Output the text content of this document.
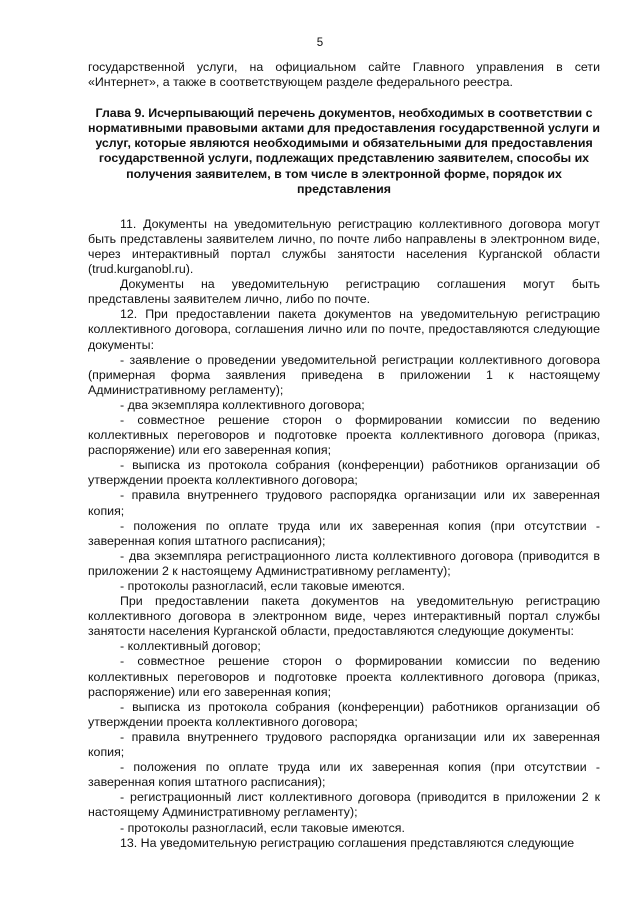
5

государственной услуги, на официальном сайте Главного управления в сети «Интернет», а также в соответствующем разделе федерального реестра.

Глава 9. Исчерпывающий перечень документов, необходимых в соответствии с нормативными правовыми актами для предоставления государственной услуги и услуг, которые являются необходимыми и обязательными для предоставления государственной услуги, подлежащих представлению заявителем, способы их получения заявителем, в том числе в электронной форме, порядок их представления

11. Документы на уведомительную регистрацию коллективного договора могут быть представлены заявителем лично, по почте либо направлены в электронном виде, через интерактивный портал службы занятости населения Курганской области (trud.kurganobl.ru).

Документы на уведомительную регистрацию соглашения могут быть представлены заявителем лично, либо по почте.

12. При предоставлении пакета документов на уведомительную регистрацию коллективного договора, соглашения лично или по почте, предоставляются следующие документы:

- заявление о проведении уведомительной регистрации коллективного договора (примерная форма заявления приведена в приложении 1 к настоящему Административному регламенту);

- два экземпляра коллективного договора;

- совместное решение сторон о формировании комиссии по ведению коллективных переговоров и подготовке проекта коллективного договора (приказ, распоряжение) или его заверенная копия;

- выписка из протокола собрания (конференции) работников организации об утверждении проекта коллективного договора;

- правила внутреннего трудового распорядка организации или их заверенная копия;

- положения по оплате труда или их заверенная копия (при отсутствии - заверенная копия штатного расписания);

- два экземпляра регистрационного листа коллективного договора (приводится в приложении 2 к настоящему Административному регламенту);

- протоколы разногласий, если таковые имеются.

При предоставлении пакета документов на уведомительную регистрацию коллективного договора в электронном виде, через интерактивный портал службы занятости населения Курганской области, предоставляются следующие документы:

- коллективный договор;

- совместное решение сторон о формировании комиссии по ведению коллективных переговоров и подготовке проекта коллективного договора (приказ, распоряжение) или его заверенная копия;

- выписка из протокола собрания (конференции) работников организации об утверждении проекта коллективного договора;

- правила внутреннего трудового распорядка организации или их заверенная копия;

- положения по оплате труда или их заверенная копия (при отсутствии - заверенная копия штатного расписания);

- регистрационный лист коллективного договора (приводится в приложении 2 к настоящему Административному регламенту);

- протоколы разногласий, если таковые имеются.

13. На уведомительную регистрацию соглашения представляются следующие
